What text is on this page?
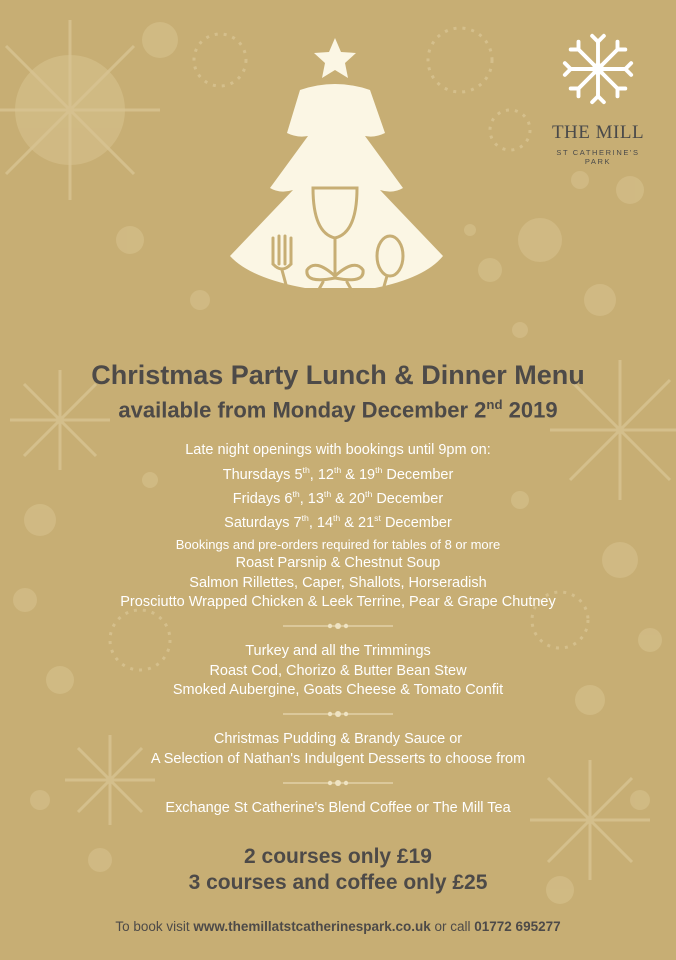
THE MILL
ST CATHERINE'S PARK
Christmas Party Lunch & Dinner Menu
available from Monday December 2nd 2019
Late night openings with bookings until 9pm on:
Thursdays 5th, 12th & 19th December
Fridays 6th, 13th & 20th December
Saturdays 7th, 14th & 21st December
Bookings and pre-orders required for tables of 8 or more
Roast Parsnip & Chestnut Soup
Salmon Rillettes, Caper, Shallots, Horseradish
Prosciutto Wrapped Chicken & Leek Terrine, Pear & Grape Chutney
Turkey and all the Trimmings
Roast Cod, Chorizo & Butter Bean Stew
Smoked Aubergine, Goats Cheese & Tomato Confit
Christmas Pudding & Brandy Sauce or
A Selection of Nathan's Indulgent Desserts to choose from
Exchange St Catherine's Blend Coffee or The Mill Tea
2 courses only £19
3 courses and coffee only £25
To book visit www.themillatstcatherinespark.co.uk or call 01772 695277
